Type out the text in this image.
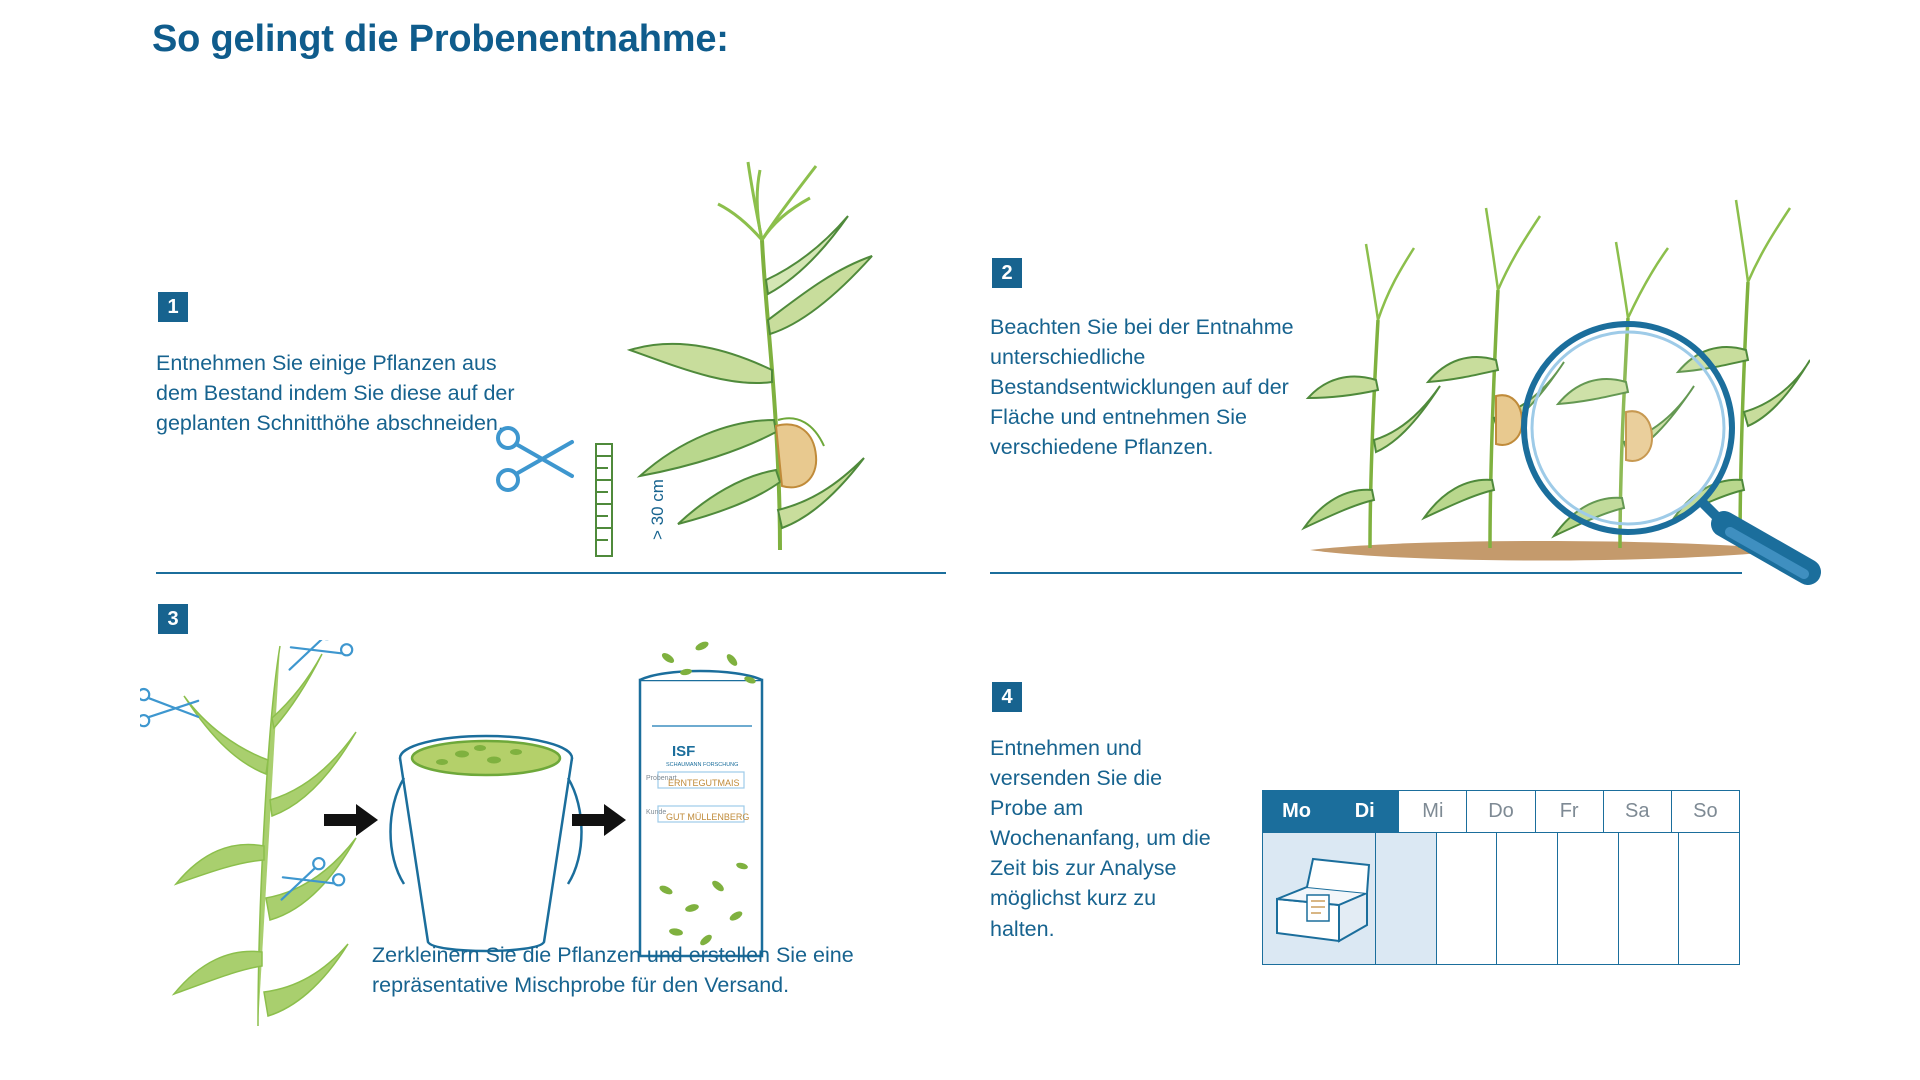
So gelingt die Probenentnahme:
1
Entnehmen Sie einige Pflanzen aus dem Bestand indem Sie diese auf der geplanten Schnitthöhe abschneiden.
> 30 cm
2
Beachten Sie bei der Entnahme unterschiedliche Bestandsentwicklungen auf der Fläche und entnehmen Sie verschiedene Pflanzen.
3
ISF
SCHAUMANN FORSCHUNG
Probenart
ERNTEGUTMAIS
Kunde GUT MÜLLENBERG
Zerkleinern Sie die Pflanzen und erstellen Sie eine repräsentative Mischprobe für den Versand.
4
Entnehmen und versenden Sie die Probe am Wochenanfang, um die Zeit bis zur Analyse möglichst kurz zu halten.
Mo	Di	Mi	Do	Fr	Sa	So
